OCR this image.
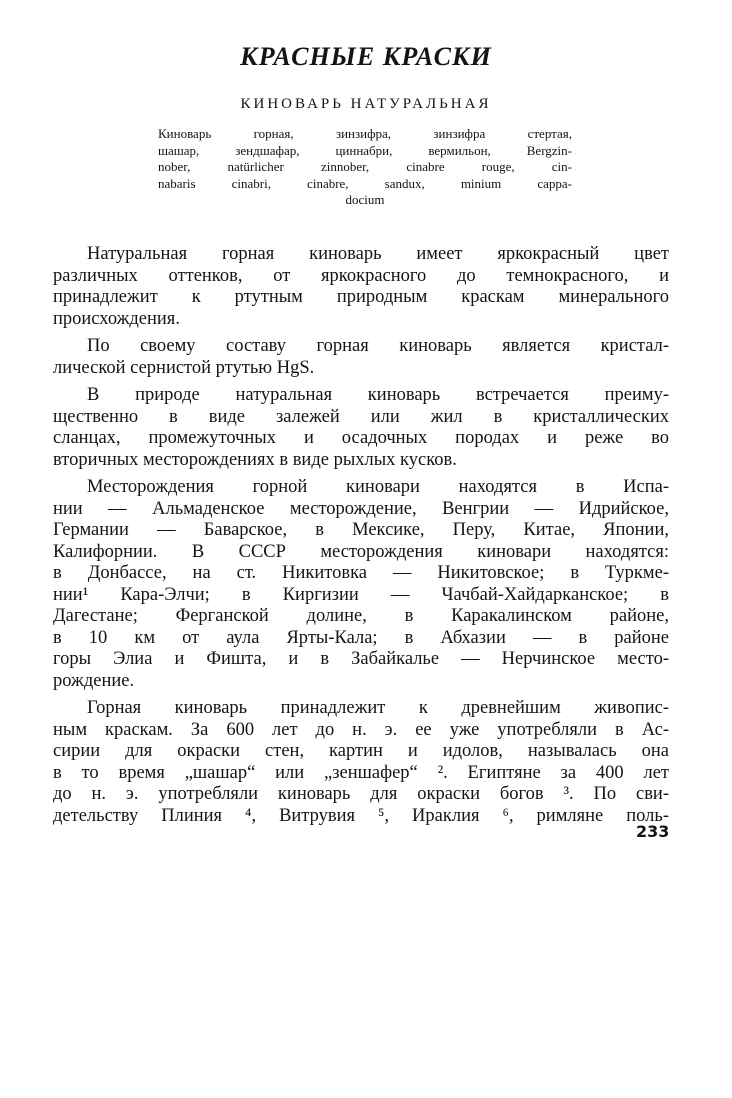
КРАСНЫЕ КРАСКИ
КИНОВАРЬ НАТУРАЛЬНАЯ
Киноварь горная, зинзифра, зинзифра стертая,
шашар, зендшафар, циннабри, вермильон, Bergzin-
nober, natürlicher zinnober, cinabre rouge, cin-
nabaris cinabri, cinabre, sandux, minium cappa-
docium
Натуральная горная киноварь имеет яркокрасный цвет
различных оттенков, от яркокрасного до темнокрасного, и
принадлежит к ртутным природным краскам минерального
происхождения.
По своему составу горная киноварь является кристал-
лической сернистой ртутью HgS.
В природе натуральная киноварь встречается преиму-
щественно в виде залежей или жил в кристаллических
сланцах, промежуточных и осадочных породах и реже во
вторичных месторождениях в виде рыхлых кусков.
Месторождения горной киновари находятся в Испа-
нии — Альмаденское месторождение, Венгрии — Идрийское,
Германии — Баварское, в Мексике, Перу, Китае, Японии,
Калифорнии. В СССР месторождения киновари находятся:
в Донбассе, на ст. Никитовка — Никитовское; в Туркме-
нии¹ Кара-Элчи; в Киргизии — Чачбай-Хайдарканское; в
Дагестане; Ферганской долине, в Каракалинском районе,
в 10 км от аула Ярты-Кала; в Абхазии — в районе
горы Элиа и Фишта, и в Забайкалье — Нерчинское место-
рождение.
Горная киноварь принадлежит к древнейшим живопис-
ным краскам. За 600 лет до н. э. ее уже употребляли в Ас-
сирии для окраски стен, картин и идолов, называлась она
в то время „шашар“ или „зеншафер“ ². Египтяне за 400 лет
до н. э. употребляли киноварь для окраски богов ³. По сви-
детельству Плиния ⁴, Витрувия ⁵, Ираклия ⁶, римляне поль-
233
